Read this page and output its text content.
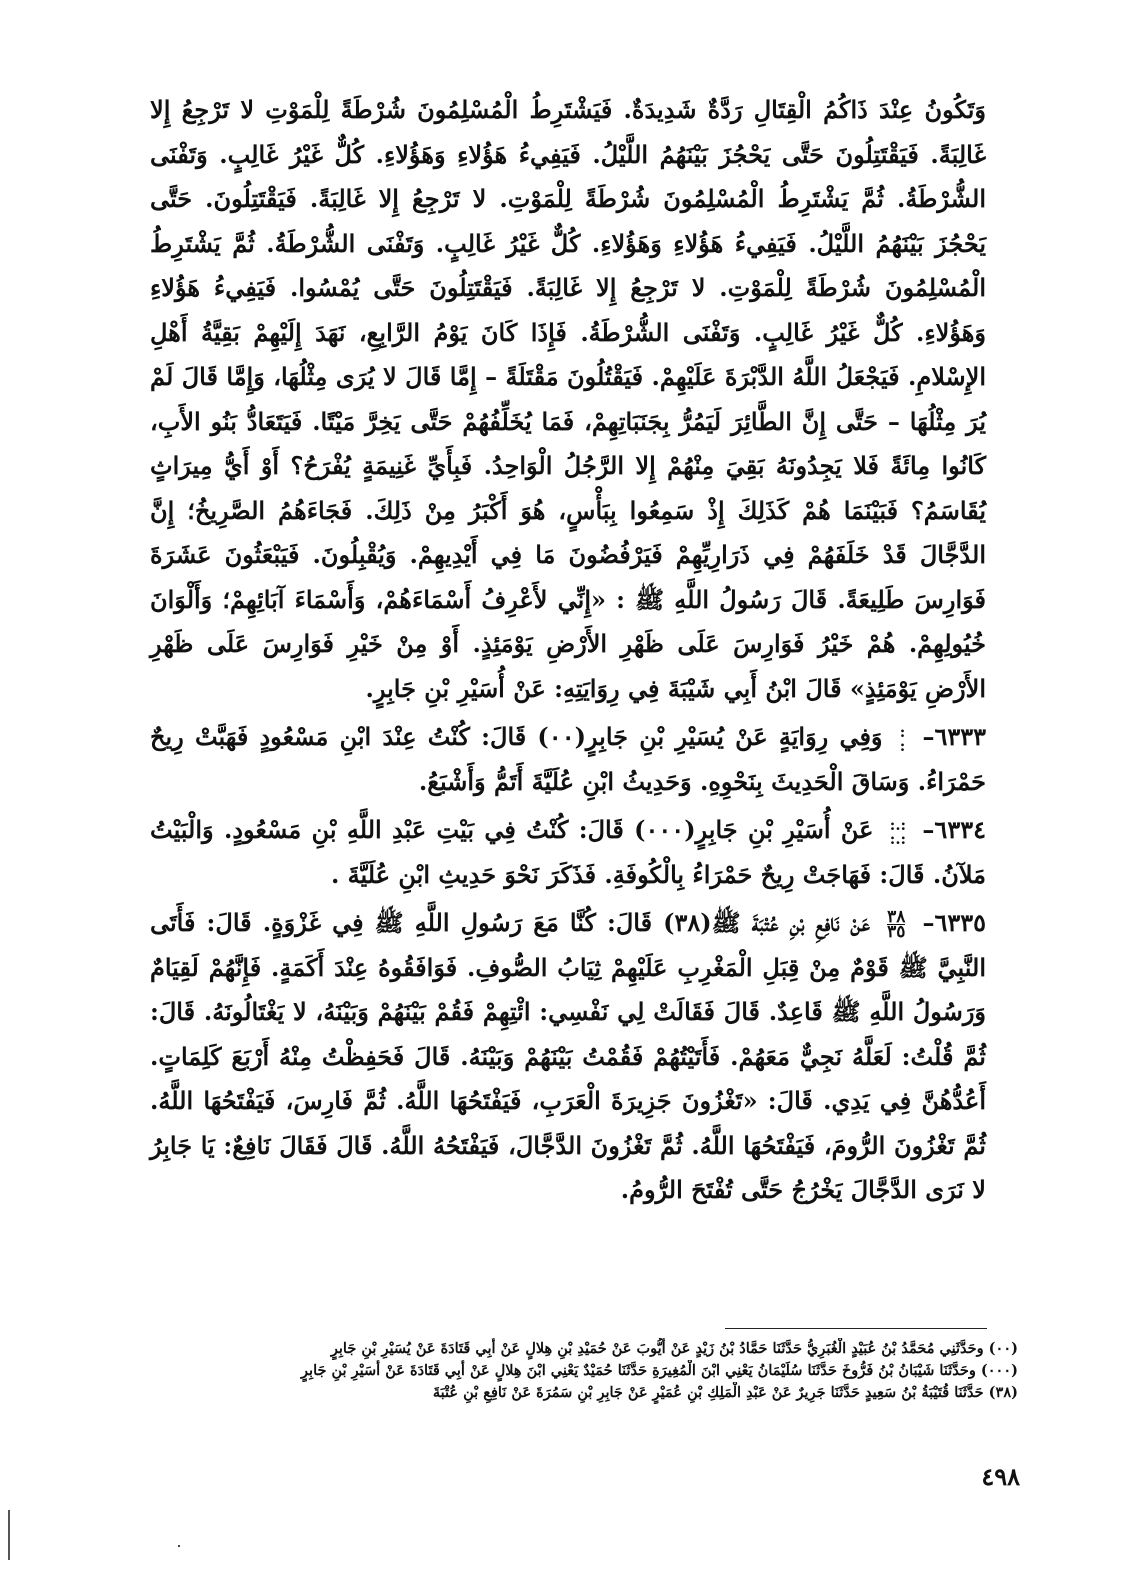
وَتَكُونُ عِنْدَ ذَاكُمُ الْقِتَالِ رَدَّةٌ شَدِيدَةٌ. فَيَشْتَرِطُ الْمُسْلِمُونَ شُرْطَةً لِلْمَوْتِ لا تَرْجِعُ إِلا غَالِبَةً. فَيَقْتَتِلُونَ حَتَّى يَحْجُزَ بَيْنَهُمُ اللَّيْلُ. فَيَفِيءُ هَؤُلاءِ وَهَؤُلاءِ. كُلٌّ غَيْرُ غَالِبٍ. وَتَفْنَى الشُّرْطَةُ. ثُمَّ يَشْتَرِطُ الْمُسْلِمُونَ شُرْطَةً لِلْمَوْتِ. لا تَرْجِعُ إِلا غَالِبَةً. فَيَقْتَتِلُونَ. حَتَّى يَحْجُزَ بَيْنَهُمُ اللَّيْلُ. فَيَفِيءُ هَؤُلاءِ وَهَؤُلاءِ. كُلٌّ غَيْرُ غَالِبٍ. وَتَفْنَى الشُّرْطَةُ. ثُمَّ يَشْتَرِطُ الْمُسْلِمُونَ شُرْطَةً لِلْمَوْتِ. لا تَرْجِعُ إِلا غَالِبَةً. فَيَقْتَتِلُونَ حَتَّى يُمْسُوا. فَيَفِيءُ هَؤُلاءِ وَهَؤُلاءِ. كُلٌّ غَيْرُ غَالِبٍ. وَتَفْنَى الشُّرْطَةُ. فَإِذَا كَانَ يَوْمُ الرَّابِعِ، نَهَدَ إِلَيْهِمْ بَقِيَّةُ أَهْلِ الإِسْلامِ. فَيَجْعَلُ اللَّهُ الدَّبْرَةَ عَلَيْهِمْ. فَيَقْتُلُونَ مَقْتَلَةً – إِمَّا قَالَ لا يُرَى مِثْلُهَا، وَإِمَّا قَالَ لَمْ يُرَ مِثْلُهَا – حَتَّى إِنَّ الطَّائِرَ لَيَمُرُّ بِجَنَبَاتِهِمْ، فَمَا يُخَلِّفُهُمْ حَتَّى يَخِرَّ مَيْتًا. فَيَتَعَادُّ بَنُو الأَبِ، كَانُوا مِائَةً فَلا يَجِدُونَهُ بَقِيَ مِنْهُمْ إِلا الرَّجُلُ الْوَاحِدُ. فَبِأَيِّ غَنِيمَةٍ يُفْرَحُ؟ أَوْ أَيُّ مِيرَاثٍ يُقَاسَمُ؟ فَبَيْنَمَا هُمْ كَذَلِكَ إِذْ سَمِعُوا بِبَأْسٍ، هُوَ أَكْبَرُ مِنْ ذَلِكَ. فَجَاءَهُمُ الصَّرِيخُ؛ إِنَّ الدَّجَّالَ قَدْ خَلَفَهُمْ فِي ذَرَارِيِّهِمْ فَيَرْفُضُونَ مَا فِي أَيْدِيهِمْ. وَيُقْبِلُونَ. فَيَبْعَثُونَ عَشَرَةَ فَوَارِسَ طَلِيعَةً. قَالَ رَسُولُ اللَّهِ ﷺ : «إِنِّي لأَعْرِفُ أَسْمَاءَهُمْ، وَأَسْمَاءَ آبَائِهِمْ؛ وَأَلْوَانَ خُيُولِهِمْ. هُمْ خَيْرُ فَوَارِسَ عَلَى ظَهْرِ الأَرْضِ يَوْمَئِذٍ. أَوْ مِنْ خَيْرِ فَوَارِسَ عَلَى ظَهْرِ الأَرْضِ يَوْمَئِذٍ» قَالَ ابْنُ أَبِي شَيْبَةَ فِي رِوَايَتِهِ: عَنْ أُسَيْرِ بْنِ جَابِرٍ.

٦٣٣٣–
:
:
وَفِي رِوَايَةٍ عَنْ يُسَيْرِ بْنِ جَابِرٍ(٠٠) قَالَ: كُنْتُ عِنْدَ ابْنِ مَسْعُودٍ فَهَبَّتْ رِيحٌ حَمْرَاءُ. وَسَاقَ الْحَدِيثَ بِنَحْوِهِ. وَحَدِيثُ ابْنِ عُلَيَّةَ أَتَمُّ وَأَشْبَعُ.

٦٣٣٤–
:.:
:.:
عَنْ أُسَيْرِ بْنِ جَابِرٍ(٠٠٠) قَالَ: كُنْتُ فِي بَيْتِ عَبْدِ اللَّهِ بْنِ مَسْعُودٍ. وَالْبَيْتُ مَلآنُ. قَالَ: فَهَاجَتْ رِيحٌ حَمْرَاءُ بِالْكُوفَةِ. فَذَكَرَ نَحْوَ حَدِيثِ ابْنِ عُلَيَّةَ .

٦٣٣٥–
٣٨
٣٥
عَنْ نَافِعِ بْنِ عُتْبَةَ ﷺ(٣٨) قَالَ: كُنَّا مَعَ رَسُولِ اللَّهِ ﷺ فِي غَزْوَةٍ. قَالَ: فَأَتَى النَّبِيَّ ﷺ قَوْمٌ مِنْ قِبَلِ الْمَغْرِبِ عَلَيْهِمْ ثِيَابُ الصُّوفِ. فَوَافَقُوهُ عِنْدَ أَكَمَةٍ. فَإِنَّهُمْ لَقِيَامٌ وَرَسُولُ اللَّهِ ﷺ قَاعِدٌ. قَالَ فَقَالَتْ لِي نَفْسِي: ائْتِهِمْ فَقُمْ بَيْنَهُمْ وَبَيْنَهُ، لا يَغْتَالُونَهُ. قَالَ: ثُمَّ قُلْتُ: لَعَلَّهُ نَجِيٌّ مَعَهُمْ. فَأَتَيْتُهُمْ فَقُمْتُ بَيْنَهُمْ وَبَيْنَهُ. قَالَ فَحَفِظْتُ مِنْهُ أَرْبَعَ كَلِمَاتٍ. أَعُدُّهُنَّ فِي يَدِي. قَالَ: «تَغْزُونَ جَزِيرَةَ الْعَرَبِ، فَيَفْتَحُهَا اللَّهُ. ثُمَّ فَارِسَ، فَيَفْتَحُهَا اللَّهُ. ثُمَّ تَغْزُونَ الرُّومَ، فَيَفْتَحُهَا اللَّهُ. ثُمَّ تَغْزُونَ الدَّجَّالَ، فَيَفْتَحُهُ اللَّهُ. قَالَ فَقَالَ نَافِعٌ: يَا جَابِرُ لا نَرَى الدَّجَّالَ يَخْرُجُ حَتَّى تُفْتَحَ الرُّومُ.

(٠٠) وحَدَّثَنِي مُحَمَّدُ بْنُ عُبَيْدٍ الْغُبَرِيُّ حَدَّثَنَا حَمَّادُ بْنُ زَيْدٍ عَنْ أَيُّوبَ عَنْ حُمَيْدِ بْنِ هِلالٍ عَنْ أَبِي قَتَادَةَ عَنْ يُسَيْرِ بْنِ جَابِرٍ
(٠٠٠) وحَدَّثَنَا شَيْبَانُ بْنُ فَرُّوخَ حَدَّثَنَا سُلَيْمَانُ يَعْنِي ابْنَ الْمُغِيرَةِ حَدَّثَنَا حُمَيْدٌ يَعْنِي ابْنَ هِلالٍ عَنْ أَبِي قَتَادَةَ عَنْ أُسَيْرِ بْنِ جَابِرٍ
(٣٨) حَدَّثَنَا قُتَيْبَةُ بْنُ سَعِيدٍ حَدَّثَنَا جَرِيرٌ عَنْ عَبْدِ الْمَلِكِ بْنِ عُمَيْرٍ عَنْ جَابِرِ بْنِ سَمُرَةَ عَنْ نَافِعِ بْنِ عُتْبَةَ
٤٩٨
